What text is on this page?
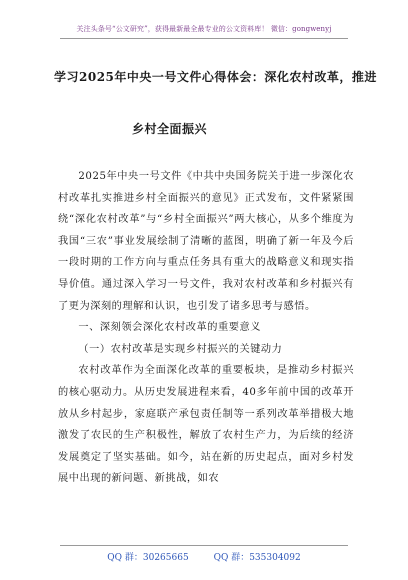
关注头条号“公文研究”，获得最新最全最专业的公文资料库！ 微信：gongwenyj
学习2025年中央一号文件心得体会：深化农村改革，推进
乡村全面振兴

2025年中央一号文件《中共中央国务院关于进一步深化农村改革扎实推进乡村全面振兴的意见》正式发布，文件紧紧围绕“深化农村改革”与“乡村全面振兴”两大核心，从多个维度为我国“三农”事业发展绘制了清晰的蓝图，明确了新一年及今后一段时期的工作方向与重点任务具有重大的战略意义和现实指导价值。通过深入学习一号文件，我对农村改革和乡村振兴有了更为深刻的理解和认识，也引发了诸多思考与感悟。

一、深刻领会深化农村改革的重要意义

（一）农村改革是实现乡村振兴的关键动力

农村改革作为全面深化改革的重要板块，是推动乡村振兴的核心驱动力。从历史发展进程来看，40多年前中国的改革开放从乡村起步，家庭联产承包责任制等一系列改革举措极大地激发了农民的生产积极性，解放了农村生产力，为后续的经济发展奠定了坚实基础。如今，站在新的历史起点，面对乡村发展中出现的新问题、新挑战，如农

QQ 群：30265665	QQ 群：535304092
